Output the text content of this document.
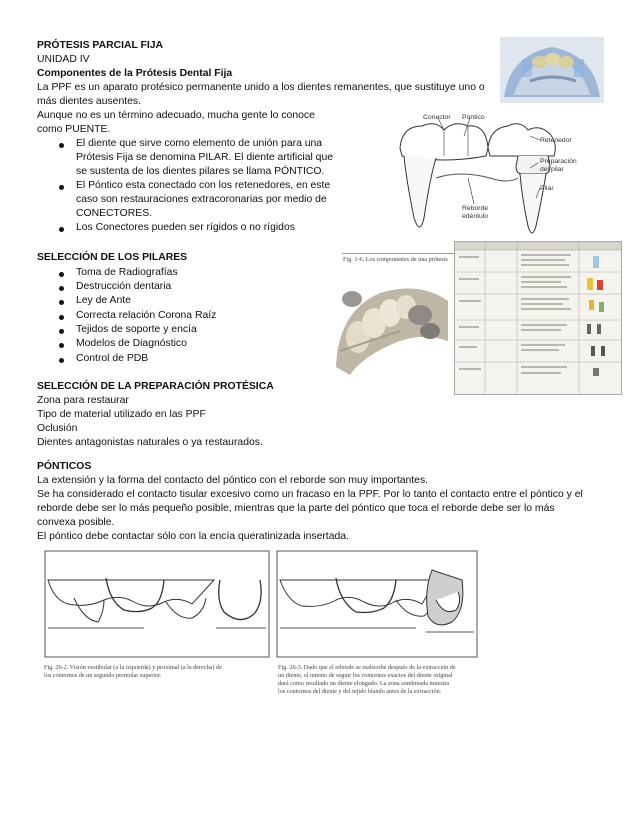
PRÓTESIS PARCIAL FIJA
UNIDAD IV
Componentes de la Prótesis Dental Fija
La PPF es un aparato protésico permanente unido a los dientes remanentes, que sustituye uno o
más dientes ausentes.
Aunque no es un término adecuado, mucha gente lo conoce
como PUENTE.
El diente que sirve como elemento de unión para una
Prótesis Fija se denomina PILAR. El diente artificial que
se sustenta de los dientes pilares se llama PÓNTICO.
El Póntico esta conectado con los retenedores, en este
caso son restauraciones extracoronarias por medio de
CONECTORES.
Los Conectores pueden ser rígidos o no rígidos
SELECCIÓN DE LOS PILARES
Toma de Radiografías
Destrucción dentaria
Ley de Ante
Correcta relación Corona Raíz
Tejidos de soporte y encía
Modelos de Diagnóstico
Control de PDB
SELECCIÓN DE LA PREPARACIÓN PROTÉSICA
Zona para restaurar
Tipo de material utilizado en las PPF
Oclusión
Dientes antagonistas naturales o ya restaurados.
PÓNTICOS
La extensión y la forma del contacto del póntico con el reborde son muy importantes.
Se ha considerado el contacto tisular excesivo como un fracaso en la PPF. Por lo tanto el contacto entre el póntico y el
reborde debe ser lo más pequeño posible, mientras que la parte del póntico que toca el reborde debe ser lo más
convexa posible.
El póntico debe contactar sólo con la encía queratinizada insertada.
Conector Póntico
Retenedor
Preparación
del pilar
Pilar
Reborde
edéntulo
Fig. 1-6. Los componentes de una prótesis
Fig. 26-2. Visión vestibular (a la izquierda) y proximal (a la derecha) de
los contornos de un segundo premolar superior.
Fig. 26-3. Dado que el reborde se reabsorbe después de la extracción de
un diente, el intento de seguir los contornos exactos del diente original
dará como resultado un diente elongado. La zona sombreada muestra
los contornos del diente y del tejido blando antes de la extracción.
